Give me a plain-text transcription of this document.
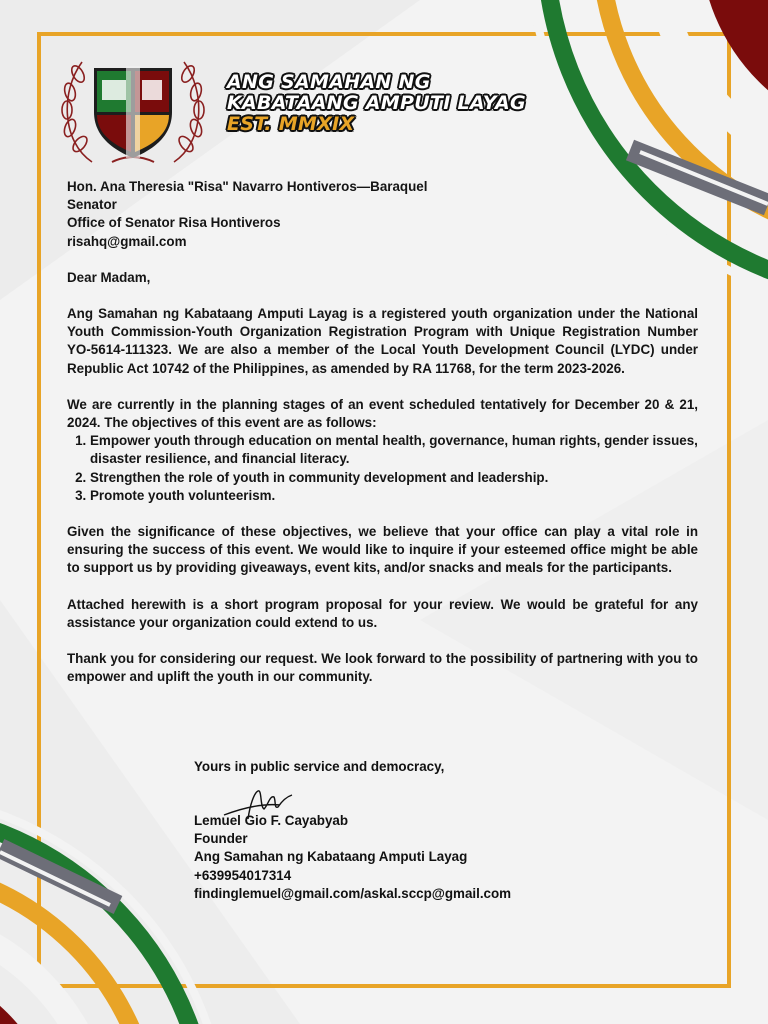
ANG SAMAHAN NG
KABATAANG AMPUTI LAYAG
EST. MMXIX

Hon. Ana Theresia "Risa" Navarro Hontiveros—Baraquel

Senator

Office of Senator Risa Hontiveros

risahq@gmail.com

Dear Madam,

Ang Samahan ng Kabataang Amputi Layag is a registered youth organization under the National Youth Commission-Youth Organization Registration Program with Unique Registration Number YO-5614-111323. We are also a member of the Local Youth Development Council (LYDC) under Republic Act 10742 of the Philippines, as amended by RA 11768, for the term 2023-2026.

We are currently in the planning stages of an event scheduled tentatively for December 20 & 21, 2024. The objectives of this event are as follows:

1. Empower youth through education on mental health, governance, human rights, gender issues, disaster resilience, and financial literacy.
2. Strengthen the role of youth in community development and leadership.
3. Promote youth volunteerism.

Given the significance of these objectives, we believe that your office can play a vital role in ensuring the success of this event. We would like to inquire if your esteemed office might be able to support us by providing giveaways, event kits, and/or snacks and meals for the participants.

Attached herewith is a short program proposal for your review. We would be grateful for any assistance your organization could extend to us.

Thank you for considering our request. We look forward to the possibility of partnering with you to empower and uplift the youth in our community.

Yours in public service and democracy,

Lemuel Gio F. Cayabyab

Founder

Ang Samahan ng Kabataang Amputi Layag

+639954017314

findinglemuel@gmail.com/askal.sccp@gmail.com
